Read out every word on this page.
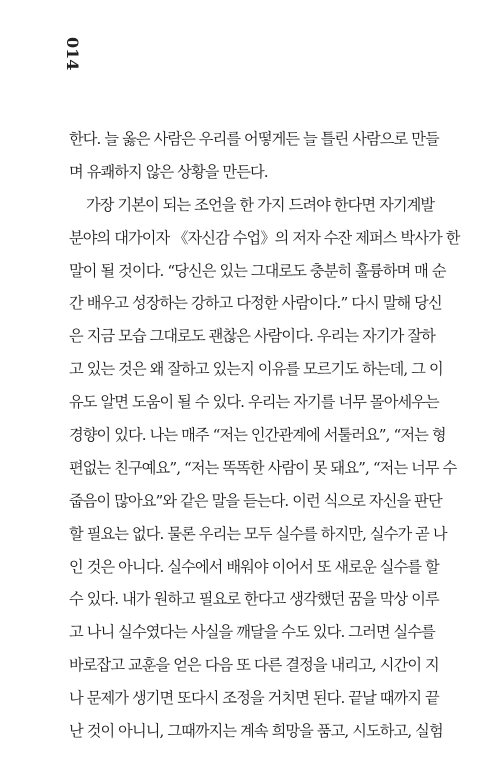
014
한다. 늘 옳은 사람은 우리를 어떻게든 늘 틀린 사람으로 만들
며 유쾌하지 않은 상황을 만든다.
가장 기본이 되는 조언을 한 가지 드려야 한다면 자기계발
분야의 대가이자 《자신감 수업》의 저자 수잔 제퍼스 박사가 한
말이 될 것이다. “당신은 있는 그대로도 충분히 훌륭하며 매 순
간 배우고 성장하는 강하고 다정한 사람이다.” 다시 말해 당신
은 지금 모습 그대로도 괜찮은 사람이다. 우리는 자기가 잘하
고 있는 것은 왜 잘하고 있는지 이유를 모르기도 하는데, 그 이
유도 알면 도움이 될 수 있다. 우리는 자기를 너무 몰아세우는
경향이 있다. 나는 매주 “저는 인간관계에 서툴러요”, “저는 형
편없는 친구예요”, “저는 똑똑한 사람이 못 돼요”, “저는 너무 수
줍음이 많아요”와 같은 말을 듣는다. 이런 식으로 자신을 판단
할 필요는 없다. 물론 우리는 모두 실수를 하지만, 실수가 곧 나
인 것은 아니다. 실수에서 배워야 이어서 또 새로운 실수를 할
수 있다. 내가 원하고 필요로 한다고 생각했던 꿈을 막상 이루
고 나니 실수였다는 사실을 깨달을 수도 있다. 그러면 실수를
바로잡고 교훈을 얻은 다음 또 다른 결정을 내리고, 시간이 지
나 문제가 생기면 또다시 조정을 거치면 된다. 끝날 때까지 끝
난 것이 아니니, 그때까지는 계속 희망을 품고, 시도하고, 실험
